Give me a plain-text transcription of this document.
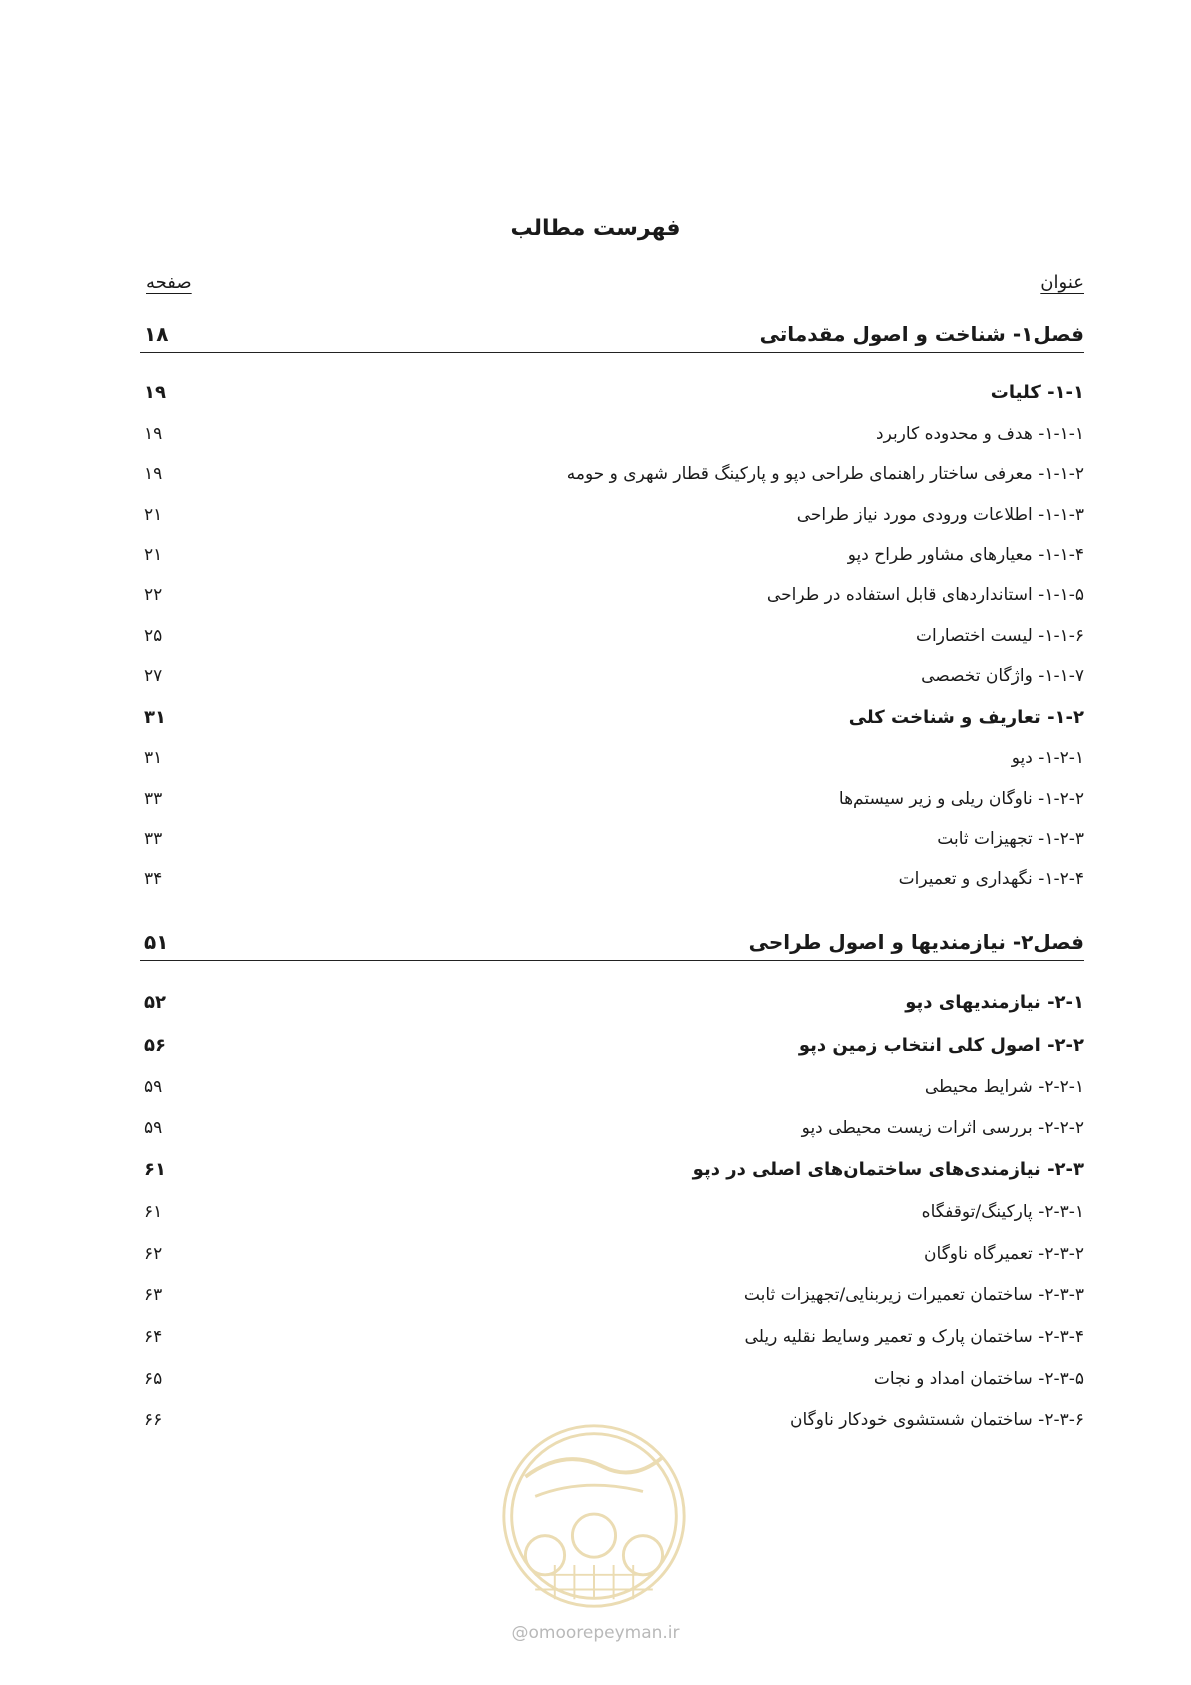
فهرست مطالب
عنوان
صفحه
فصل۱- شناخت و اصول مقدماتی
۱۸
۱-۱- کلیات
۱۹
۱-۱-۱- هدف و محدوده کاربرد
۱۹
۱-۱-۲- معرفی ساختار راهنمای طراحی دپو و پارکینگ قطار شهری و حومه
۱۹
۱-۱-۳- اطلاعات ورودی مورد نیاز طراحی
۲۱
۱-۱-۴- معیارهای مشاور طراح دپو
۲۱
۱-۱-۵- استانداردهای قابل استفاده در طراحی
۲۲
۱-۱-۶- لیست اختصارات
۲۵
۱-۱-۷- واژگان تخصصی
۲۷
۱-۲- تعاریف و شناخت کلی
۳۱
۱-۲-۱- دپو
۳۱
۱-۲-۲- ناوگان ریلی و زیر سیستم‌ها
۳۳
۱-۲-۳- تجهیزات ثابت
۳۳
۱-۲-۴- نگهداری و تعمیرات
۳۴
فصل۲- نیازمندیها و اصول طراحی
۵۱
۲-۱- نیازمندیهای دپو
۵۲
۲-۲- اصول کلی انتخاب زمین دپو
۵۶
۲-۲-۱- شرایط محیطی
۵۹
۲-۲-۲- بررسی اثرات زیست محیطی دپو
۵۹
۲-۳- نیازمندی‌های ساختمان‌های اصلی در دپو
۶۱
۲-۳-۱- پارکینگ/توقفگاه
۶۱
۲-۳-۲- تعمیرگاه ناوگان
۶۲
۲-۳-۳- ساختمان تعمیرات زیربنایی/تجهیزات ثابت
۶۳
۲-۳-۴- ساختمان پارک و تعمیر وسایط نقلیه ریلی
۶۴
۲-۳-۵- ساختمان امداد و نجات
۶۵
۲-۳-۶- ساختمان شستشوی خودکار ناوگان
۶۶
@omoorepeyman.ir
